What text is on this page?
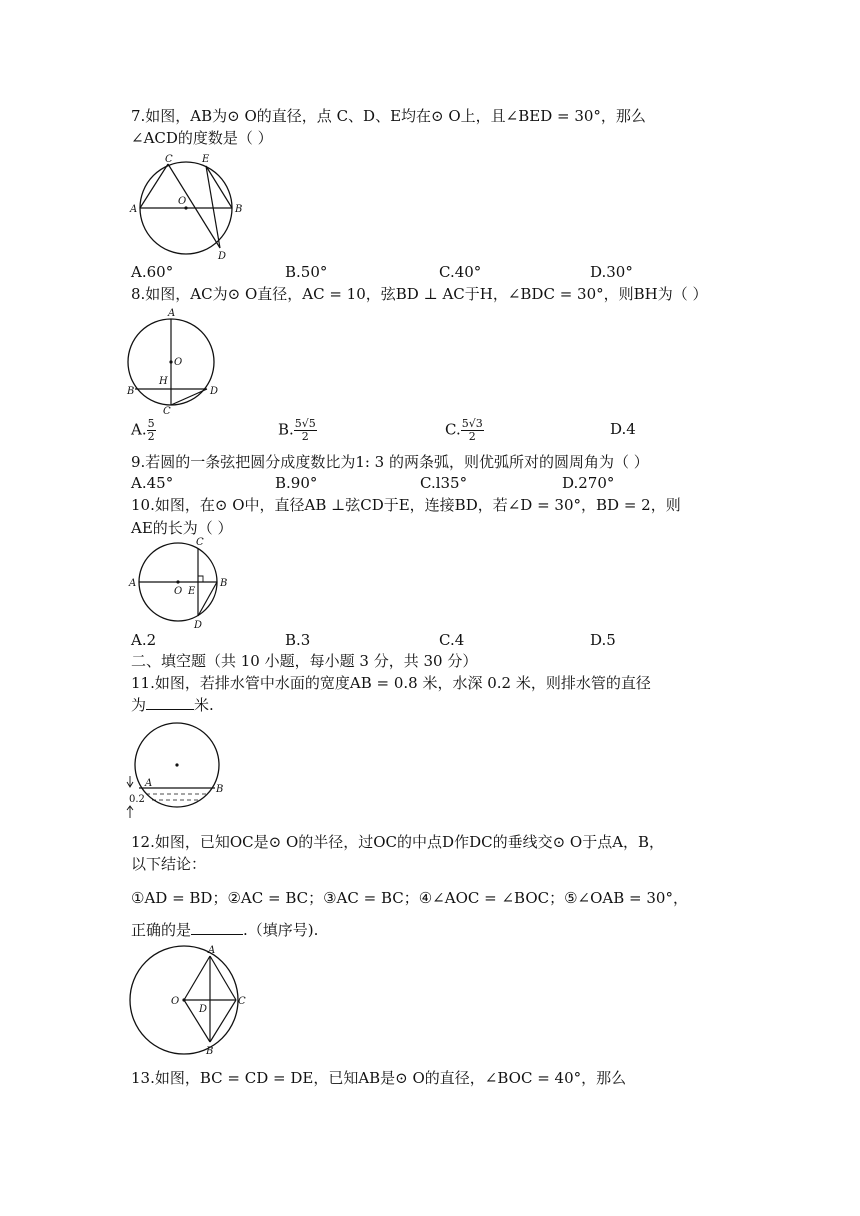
7.如图，AB为⊙ O的直径，点 C、D、E均在⊙ O上，且∠BED = 30°，那么
∠ACD的度数是（ ）
C	E
A	B
O
D
A.60°	B.50°	C.40°	D.30°
8.如图，AC为⊙ O直径，AC = 10，弦BD ⊥ AC于H，∠BDC = 30°，则BH为（ ）
A
O
H
B	D
C
A. $\frac{5}{2}$	B. $\frac{5√5}{2}$	C. $\frac{5√3}{2}$	D.4
9.若圆的一条弦把圆分成度数比为1: 3 的两条弧，则优弧所对的圆周角为（ ）
A.45°	B.90°	C.l35°	D.270°
10.如图，在⊙ O中，直径AB ⊥弦CD于E，连接BD，若∠D = 30°，BD = 2，则
AE的长为（ ）
C
A
O E
B
D
A.2	B.3	C.4	D.5
二、填空题（共 10 小题，每小题 3 分，共 30 分）
11.如图，若排水管中水面的宽度AB = 0.8 米，水深 0.2 米，则排水管的直径
为	米.
A
B
0.2
12.如图，已知OC是⊙ O的半径，过OC的中点D作DC的垂线交⊙ O于点A，B，
以下结论：
①AD = BD；②AC = BC；③AC = BC；④∠AOC = ∠BOC；⑤∠OAB = 30°，
正确的是	.（填序号).
A
O
D
C
B
13.如图，BC = CD = DE，已知AB是⊙ O的直径，∠BOC = 40°，那么
